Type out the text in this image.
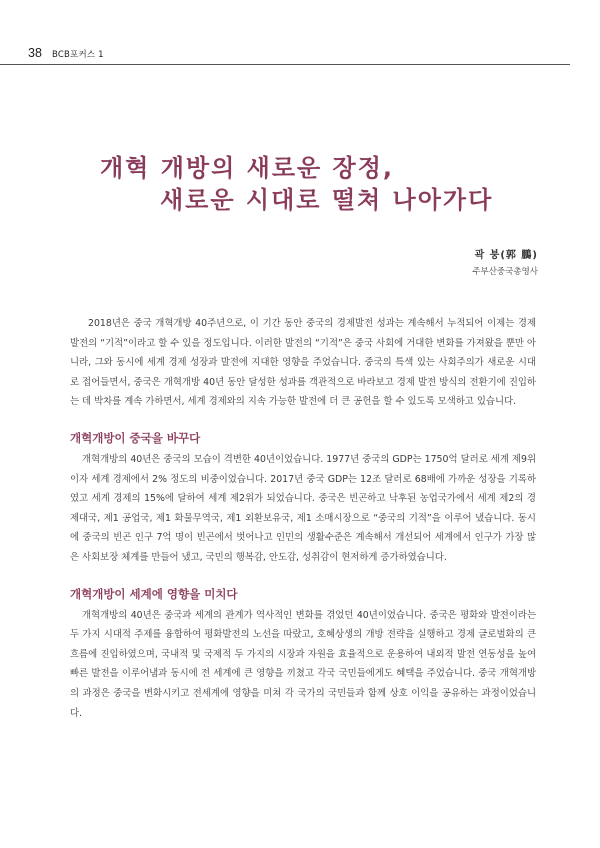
38 BCB포커스 1
개혁 개방의 새로운 장정,
새로운 시대로 떨쳐 나아가다
곽 붕(郭 鵬)
주부산중국총영사

2018년은 중국 개혁개방 40주년으로, 이 기간 동안 중국의 경제발전 성과는 계속해서 누적되어 이제는 경제 발전의 “기적”이라고 할 수 있을 정도입니다. 이러한 발전의 “기적”은 중국 사회에 거대한 변화를 가져왔을 뿐만 아니라, 그와 동시에 세계 경제 성장과 발전에 지대한 영향을 주었습니다. 중국의 특색 있는 사회주의가 새로운 시대로 접어들면서, 중국은 개혁개방 40년 동안 달성한 성과를 객관적으로 바라보고 경제 발전 방식의 전환기에 진입하는 데 박차를 계속 가하면서, 세계 경제와의 지속 가능한 발전에 더 큰 공헌을 할 수 있도록 모색하고 있습니다.

개혁개방이 중국을 바꾸다

개혁개방의 40년은 중국의 모습이 격변한 40년이었습니다. 1977년 중국의 GDP는 1750억 달러로 세계 제9위이자 세계 경제에서 2% 정도의 비중이었습니다. 2017년 중국 GDP는 12조 달러로 68배에 가까운 성장을 기록하였고 세계 경제의 15%에 달하여 세계 제2위가 되었습니다. 중국은 빈곤하고 낙후된 농업국가에서 세계 제2의 경제대국, 제1 공업국, 제1 화물무역국, 제1 외환보유국, 제1 소매시장으로 “중국의 기적”을 이루어 냈습니다. 동시에 중국의 빈곤 인구 7억 명이 빈곤에서 벗어나고 인민의 생활수준은 계속해서 개선되어 세계에서 인구가 가장 많은 사회보장 체계를 만들어 냈고, 국민의 행복감, 안도감, 성취감이 현저하게 증가하였습니다.

개혁개방이 세계에 영향을 미치다

개혁개방의 40년은 중국과 세계의 관계가 역사적인 변화를 겪었던 40년이었습니다. 중국은 평화와 발전이라는 두 가지 시대적 주제를 융합하여 평화발전의 노선을 따랐고, 호혜상생의 개방 전략을 실행하고 경제 글로벌화의 큰 흐름에 진입하였으며, 국내적 및 국제적 두 가지의 시장과 자원을 효율적으로 운용하여 내외적 발전 연동성을 높여 빠른 발전을 이루어냄과 동시에 전 세계에 큰 영향을 끼쳤고 각국 국민들에게도 혜택을 주었습니다. 중국 개혁개방의 과정은 중국을 변화시키고 전세계에 영향을 미쳐 각 국가의 국민들과 함께 상호 이익을 공유하는 과정이었습니다.
